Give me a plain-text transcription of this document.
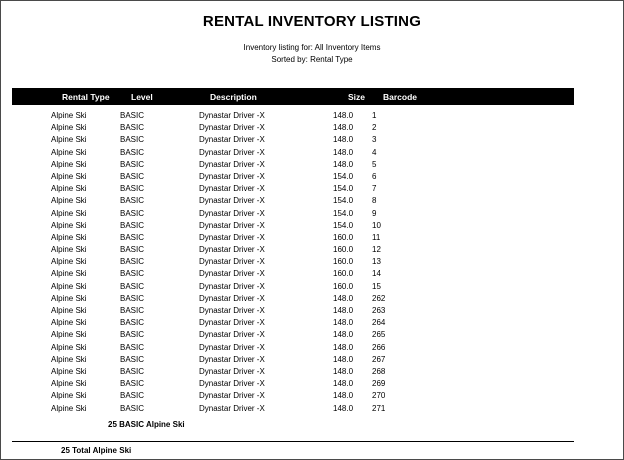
RENTAL INVENTORY LISTING
Inventory listing for: All Inventory Items
Sorted by: Rental Type
Rental Type	Level	Description	Size Barcode
Alpine Ski	BASIC	Dynastar Driver -X	148.0 1
Alpine Ski	BASIC	Dynastar Driver -X	148.0 2
Alpine Ski	BASIC	Dynastar Driver -X	148.0 3
Alpine Ski	BASIC	Dynastar Driver -X	148.0 4
Alpine Ski	BASIC	Dynastar Driver -X	148.0 5
Alpine Ski	BASIC	Dynastar Driver -X	154.0 6
Alpine Ski	BASIC	Dynastar Driver -X	154.0 7
Alpine Ski	BASIC	Dynastar Driver -X	154.0 8
Alpine Ski	BASIC	Dynastar Driver -X	154.0 9
Alpine Ski	BASIC	Dynastar Driver -X	154.0 10
Alpine Ski	BASIC	Dynastar Driver -X	160.0 11
Alpine Ski	BASIC	Dynastar Driver -X	160.0 12
Alpine Ski	BASIC	Dynastar Driver -X	160.0 13
Alpine Ski	BASIC	Dynastar Driver -X	160.0 14
Alpine Ski	BASIC	Dynastar Driver -X	160.0 15
Alpine Ski	BASIC	Dynastar Driver -X	148.0 262
Alpine Ski	BASIC	Dynastar Driver -X	148.0 263
Alpine Ski	BASIC	Dynastar Driver -X	148.0 264
Alpine Ski	BASIC	Dynastar Driver -X	148.0 265
Alpine Ski	BASIC	Dynastar Driver -X	148.0 266
Alpine Ski	BASIC	Dynastar Driver -X	148.0 267
Alpine Ski	BASIC	Dynastar Driver -X	148.0 268
Alpine Ski	BASIC	Dynastar Driver -X	148.0 269
Alpine Ski	BASIC	Dynastar Driver -X	148.0 270
Alpine Ski	BASIC	Dynastar Driver -X	148.0 271
25 BASIC Alpine Ski
25 Total Alpine Ski
